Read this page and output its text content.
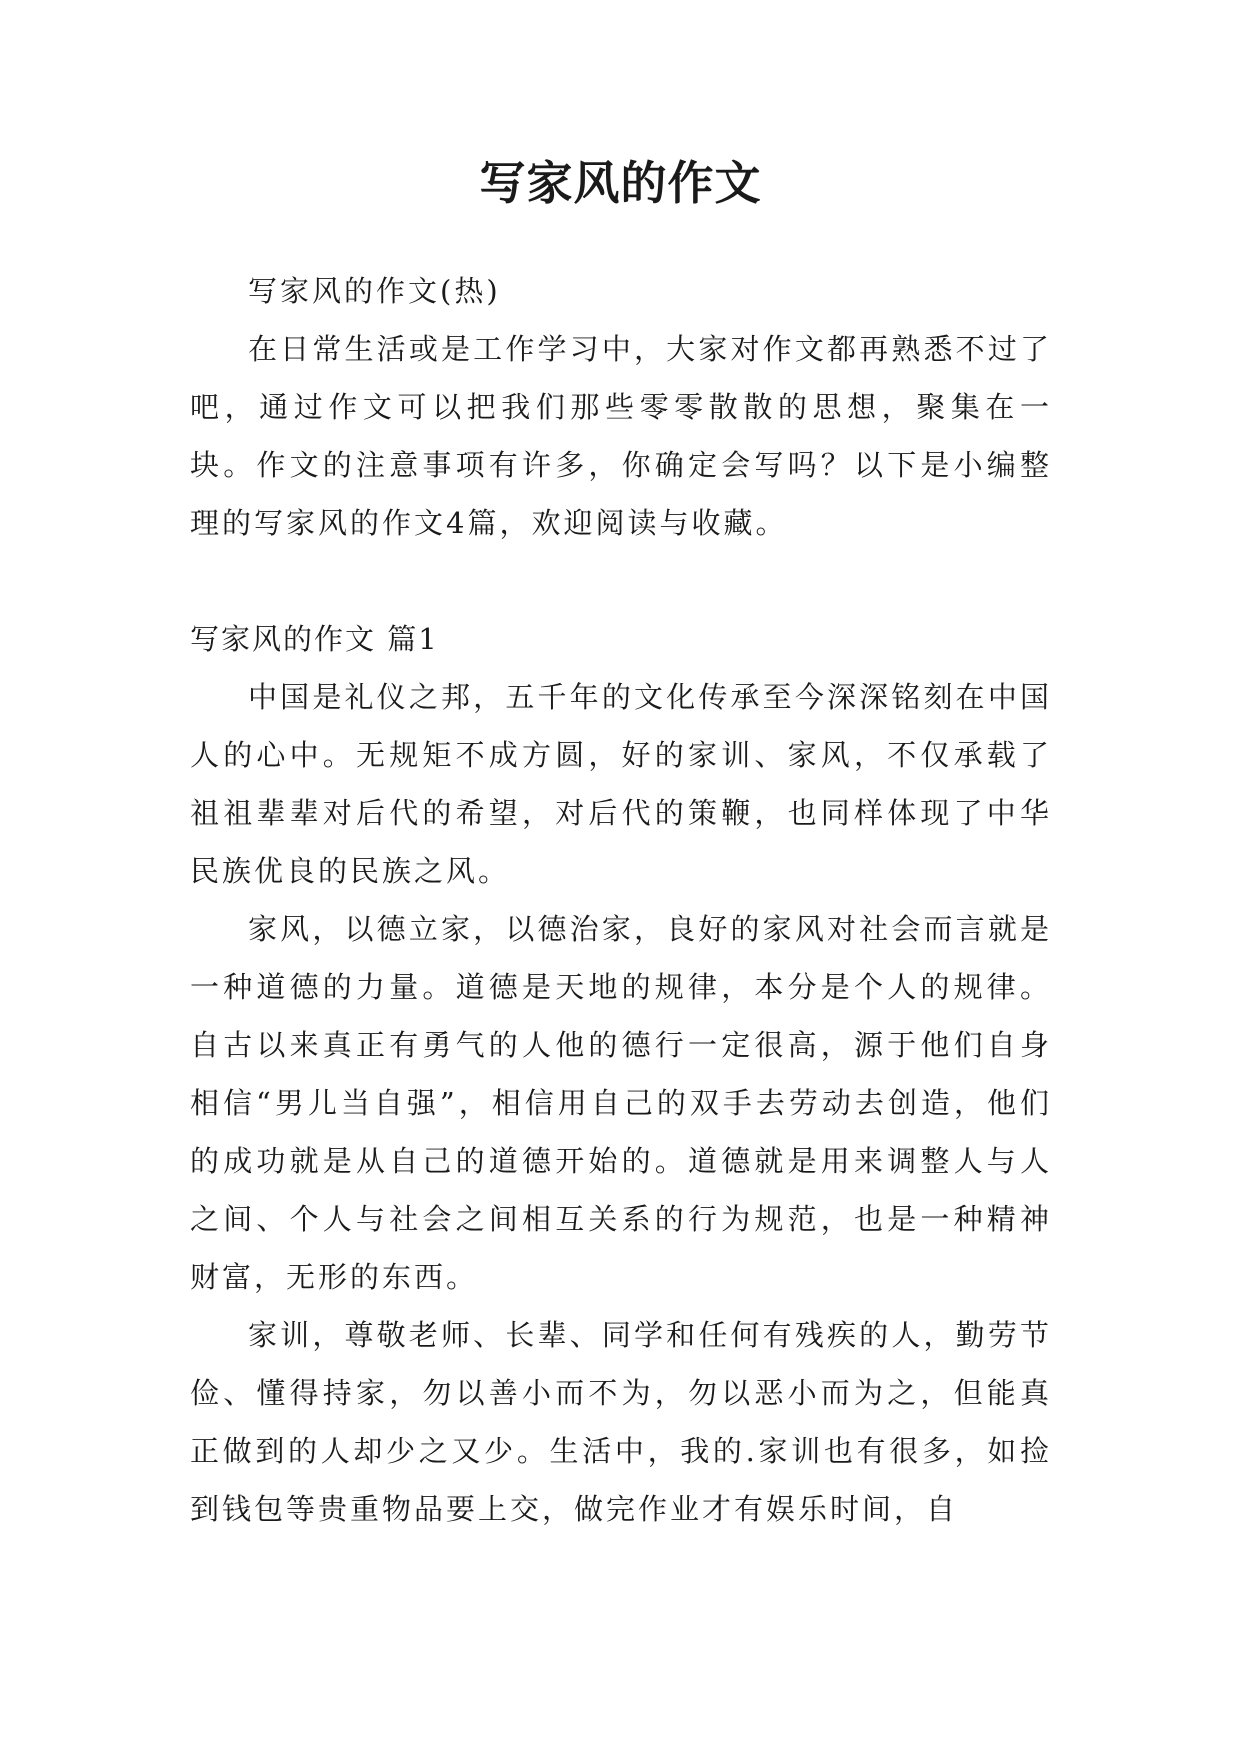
写家风的作文

写家风的作文(热)

在日常生活或是工作学习中，大家对作文都再熟悉不过了吧，通过作文可以把我们那些零零散散的思想，聚集在一块。作文的注意事项有许多，你确定会写吗？以下是小编整理的写家风的作文4篇，欢迎阅读与收藏。

写家风的作文 篇1

中国是礼仪之邦，五千年的文化传承至今深深铭刻在中国人的心中。无规矩不成方圆，好的家训、家风，不仅承载了祖祖辈辈对后代的希望，对后代的策鞭，也同样体现了中华民族优良的民族之风。

家风，以德立家，以德治家，良好的家风对社会而言就是一种道德的力量。道德是天地的规律，本分是个人的规律。自古以来真正有勇气的人他的德行一定很高，源于他们自身相信“男儿当自强”，相信用自己的双手去劳动去创造，他们的成功就是从自己的道德开始的。道德就是用来调整人与人之间、个人与社会之间相互关系的行为规范，也是一种精神财富，无形的东西。

家训，尊敬老师、长辈、同学和任何有残疾的人，勤劳节俭、懂得持家，勿以善小而不为，勿以恶小而为之，但能真正做到的人却少之又少。生活中，我的.家训也有很多，如捡到钱包等贵重物品要上交，做完作业才有娱乐时间，自
